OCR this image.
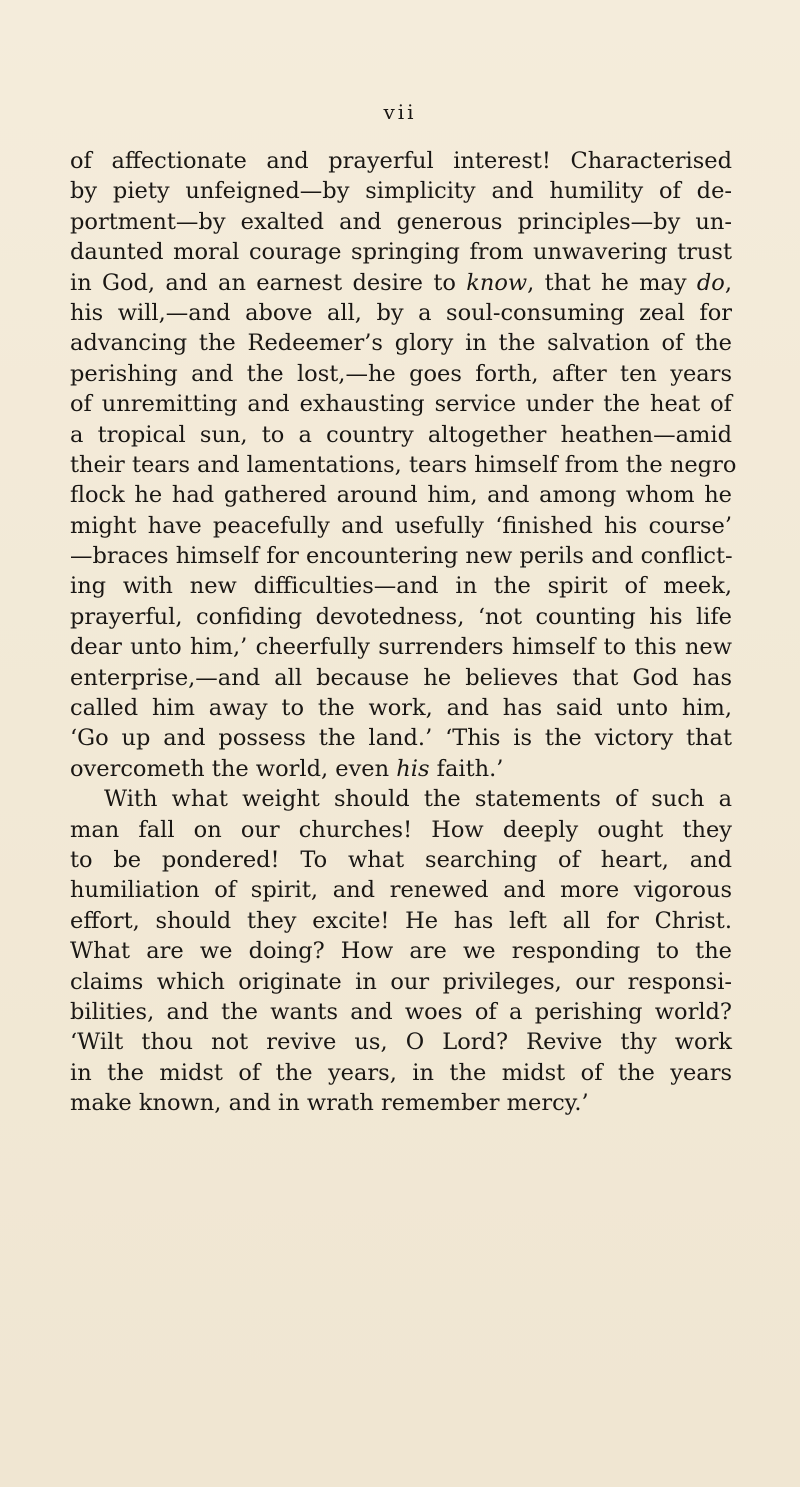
vii
of affectionate and prayerful interest! Characterised
by piety unfeigned—by simplicity and humility of de-
portment—by exalted and generous principles—by un-
daunted moral courage springing from unwavering trust
in God, and an earnest desire to know, that he may do,
his will,—and above all, by a soul-consuming zeal for
advancing the Redeemer’s glory in the salvation of the
perishing and the lost,—he goes forth, after ten years
of unremitting and exhausting service under the heat of
a tropical sun, to a country altogether heathen—amid
their tears and lamentations, tears himself from the negro
flock he had gathered around him, and among whom he
might have peacefully and usefully ‘finished his course’
—braces himself for encountering new perils and conflict-
ing with new difficulties—and in the spirit of meek,
prayerful, confiding devotedness, ‘not counting his life
dear unto him,’ cheerfully surrenders himself to this new
enterprise,—and all because he believes that God has
called him away to the work, and has said unto him,
‘Go up and possess the land.’ ‘This is the victory that
overcometh the world, even his faith.’
With what weight should the statements of such a
man fall on our churches! How deeply ought they
to be pondered! To what searching of heart, and
humiliation of spirit, and renewed and more vigorous
effort, should they excite! He has left all for Christ.
What are we doing? How are we responding to the
claims which originate in our privileges, our responsi-
bilities, and the wants and woes of a perishing world?
‘Wilt thou not revive us, O Lord? Revive thy work
in the midst of the years, in the midst of the years
make known, and in wrath remember mercy.’
